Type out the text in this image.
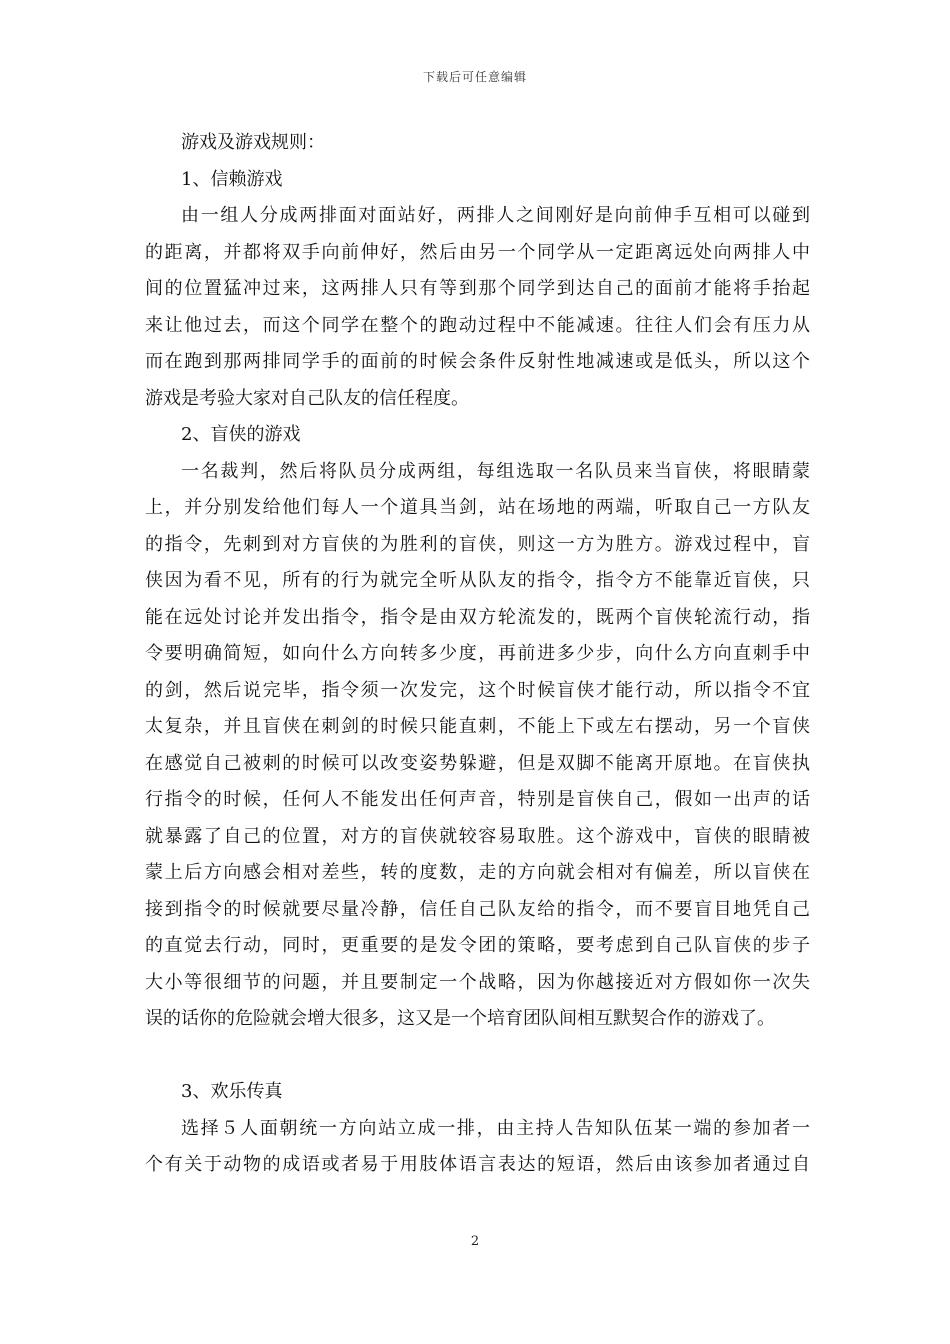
下载后可任意编辑
游戏及游戏规则：
1、信赖游戏
由一组人分成两排面对面站好，两排人之间刚好是向前伸手互相可以碰到
的距离，并都将双手向前伸好，然后由另一个同学从一定距离远处向两排人中
间的位置猛冲过来，这两排人只有等到那个同学到达自己的面前才能将手抬起
来让他过去，而这个同学在整个的跑动过程中不能减速。往往人们会有压力从
而在跑到那两排同学手的面前的时候会条件反射性地减速或是低头，所以这个
游戏是考验大家对自己队友的信任程度。
2、盲侠的游戏
一名裁判，然后将队员分成两组，每组选取一名队员来当盲侠，将眼睛蒙
上，并分别发给他们每人一个道具当剑，站在场地的两端，听取自己一方队友
的指令，先刺到对方盲侠的为胜利的盲侠，则这一方为胜方。游戏过程中，盲
侠因为看不见，所有的行为就完全听从队友的指令，指令方不能靠近盲侠，只
能在远处讨论并发出指令，指令是由双方轮流发的，既两个盲侠轮流行动，指
令要明确简短，如向什么方向转多少度，再前进多少步，向什么方向直刺手中
的剑，然后说完毕，指令须一次发完，这个时候盲侠才能行动，所以指令不宜
太复杂，并且盲侠在刺剑的时候只能直刺，不能上下或左右摆动，另一个盲侠
在感觉自己被刺的时候可以改变姿势躲避，但是双脚不能离开原地。在盲侠执
行指令的时候，任何人不能发出任何声音，特别是盲侠自己，假如一出声的话
就暴露了自己的位置，对方的盲侠就较容易取胜。这个游戏中，盲侠的眼睛被
蒙上后方向感会相对差些，转的度数，走的方向就会相对有偏差，所以盲侠在
接到指令的时候就要尽量冷静，信任自己队友给的指令，而不要盲目地凭自己
的直觉去行动，同时，更重要的是发令团的策略，要考虑到自己队盲侠的步子
大小等很细节的问题，并且要制定一个战略，因为你越接近对方假如你一次失
误的话你的危险就会增大很多，这又是一个培育团队间相互默契合作的游戏了。
3、欢乐传真
选择５人面朝统一方向站立成一排，由主持人告知队伍某一端的参加者一
个有关于动物的成语或者易于用肢体语言表达的短语，然后由该参加者通过自
2
